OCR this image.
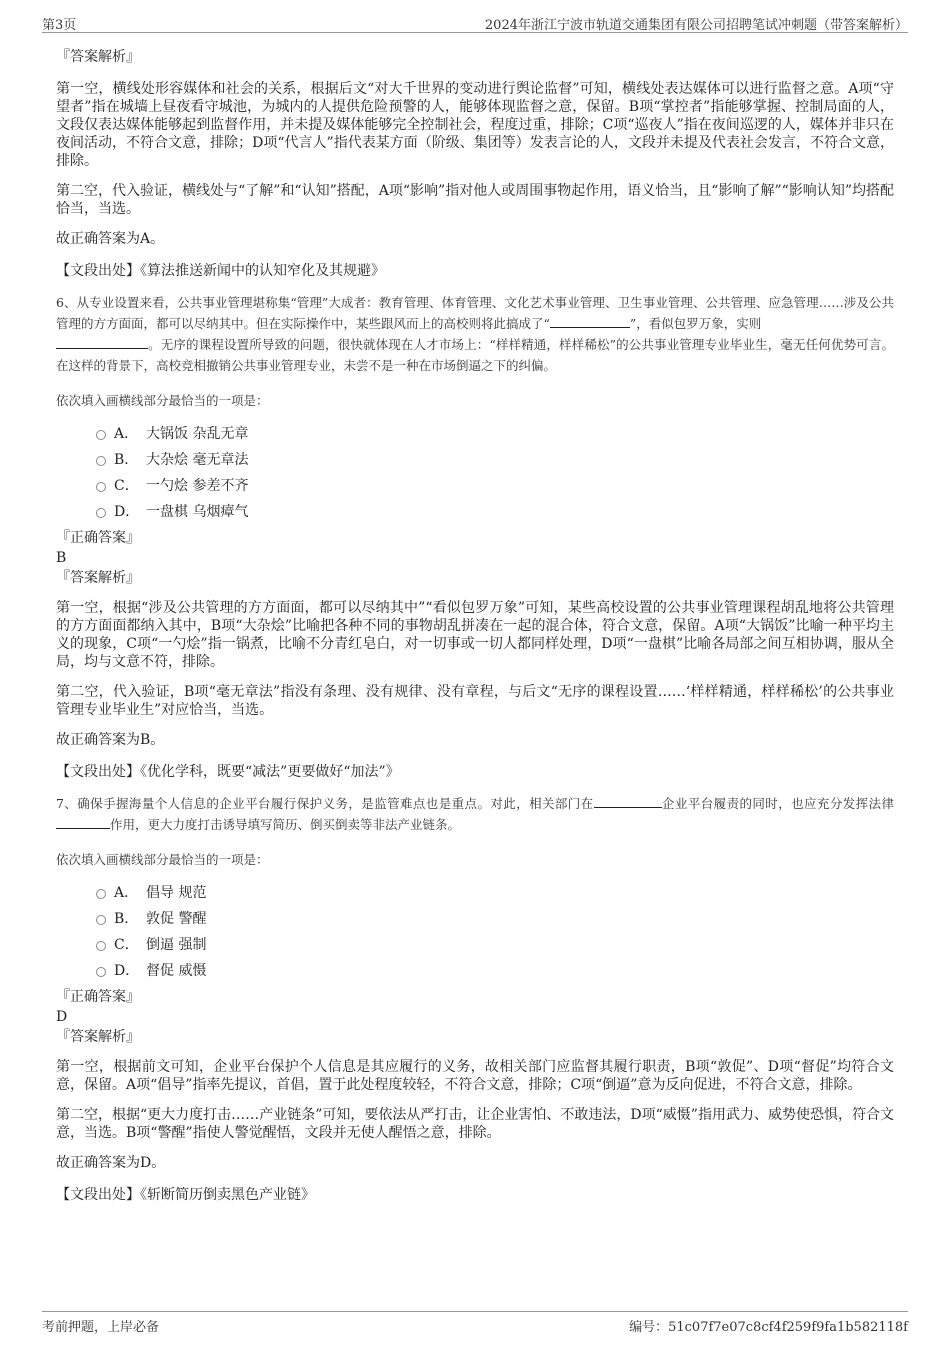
第3页	2024年浙江宁波市轨道交通集团有限公司招聘笔试冲刺题（带答案解析）

『答案解析』

第一空，横线处形容媒体和社会的关系，根据后文“对大千世界的变动进行舆论监督”可知，横线处表达媒体可以进行监督之意。A项“守望者”指在城墙上昼夜看守城池，为城内的人提供危险预警的人，能够体现监督之意，保留。B项“掌控者”指能够掌握、控制局面的人，文段仅表达媒体能够起到监督作用，并未提及媒体能够完全控制社会，程度过重，排除；C项“巡夜人”指在夜间巡逻的人，媒体并非只在夜间活动，不符合文意，排除；D项“代言人”指代表某方面（阶级、集团等）发表言论的人，文段并未提及代表社会发言，不符合文意，排除。

第二空，代入验证，横线处与“了解”和“认知”搭配，A项“影响”指对他人或周围事物起作用，语义恰当，且“影响了解”“影响认知”均搭配恰当，当选。

故正确答案为A。

【文段出处】《算法推送新闻中的认知窄化及其规避》

6、从专业设置来看，公共事业管理堪称集“管理”大成者：教育管理、体育管理、文化艺术事业管理、卫生事业管理、公共管理、应急管理……涉及公共管理的方方面面，都可以尽纳其中。但在实际操作中，某些跟风而上的高校则将此搞成了“	”，看似包罗万象，实则
。无序的课程设置所导致的问题，很快就体现在人才市场上：“样样精通，样样稀松”的公共事业管理专业毕业生，毫无任何优势可言。在这样的背景下，高校竞相撤销公共事业管理专业，未尝不是一种在市场倒逼之下的纠偏。

依次填入画横线部分最恰当的一项是：

A． 大锅饭 杂乱无章
B． 大杂烩 毫无章法
C． 一勺烩 参差不齐
D． 一盘棋 乌烟瘴气

『正确答案』

B

『答案解析』

第一空，根据“涉及公共管理的方方面面，都可以尽纳其中”“看似包罗万象”可知，某些高校设置的公共事业管理课程胡乱地将公共管理的方方面面都纳入其中，B项“大杂烩”比喻把各种不同的事物胡乱拼凑在一起的混合体，符合文意，保留。A项“大锅饭”比喻一种平均主义的现象，C项“一勺烩”指一锅煮，比喻不分青红皂白，对一切事或一切人都同样处理，D项“一盘棋”比喻各局部之间互相协调，服从全局，均与文意不符，排除。

第二空，代入验证，B项“毫无章法”指没有条理、没有规律、没有章程，与后文“无序的课程设置……‘样样精通，样样稀松’的公共事业管理专业毕业生”对应恰当，当选。

故正确答案为B。

【文段出处】《优化学科，既要“减法”更要做好“加法”》

7、确保手握海量个人信息的企业平台履行保护义务，是监管难点也是重点。对此，相关部门在	企业平台履责的同时，也应充分发挥法律作用，更大力度打击诱导填写简历、倒买倒卖等非法产业链条。

依次填入画横线部分最恰当的一项是：

A． 倡导 规范
B． 敦促 警醒
C． 倒逼 强制
D． 督促 威慑

『正确答案』

D

『答案解析』

第一空，根据前文可知，企业平台保护个人信息是其应履行的义务，故相关部门应监督其履行职责，B项“敦促”、D项“督促”均符合文意，保留。A项“倡导”指率先提议，首倡，置于此处程度较轻，不符合文意，排除；C项“倒逼”意为反向促进，不符合文意，排除。

第二空，根据“更大力度打击……产业链条”可知，要依法从严打击，让企业害怕、不敢违法，D项“威慑”指用武力、威势使恐惧，符合文意，当选。B项“警醒”指使人警觉醒悟，文段并无使人醒悟之意，排除。

故正确答案为D。

【文段出处】《斩断简历倒卖黑色产业链》

考前押题，上岸必备	编号：51c07f7e07c8cf4f259f9fa1b582118f
